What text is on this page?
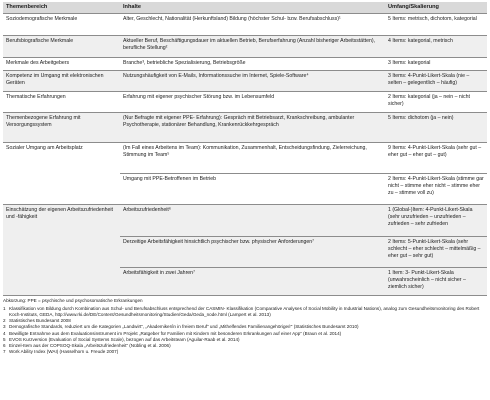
Themenbereich	Inhalte	Umfang/Skalierung
Soziodemografische Merkmale	Alter, Geschlecht, Nationalität (Herkunftsland) Bildung (höchster Schul- bzw. Berufsabschluss)¹	5 Items: metrisch, dichotom, kategorial
Berufsbiografische Merkmale	Aktueller Beruf, Beschäftigungsdauer im aktuellen Betrieb, Berufserfahrung (Anzahl bisheriger Arbeitsstätten), berufliche Stellung²	4 Items: kategorial, metrisch
Merkmale des Arbeitgebers	Branche³, betriebliche Spezialisierung, Betriebsgröße	3 Items: kategorial
Kompetenz im Umgang mit elektronischen Geräten	Nutzungshäufigkeit von E-Mails, Informationssuche im Internet, Spiele-Software⁴	3 Items: 4-Punkt-Likert-Skala (nie – selten – gelegentlich – häufig)
Thematische Erfahrungen	Erfahrung mit eigener psychischer Störung bzw. im Lebensumfeld	2 Items: kategorial (ja – nein – nicht sicher)
Themenbezogene Erfahrung mit Versorgungssystem	(Nur Befragte mit eigener PPE- Erfahrung): Gespräch mit Betriebsarzt, Krankschreibung, ambulanter Psychotherapie, stationärer Behandlung, Krankenrückkehrgespräch	5 Items: dichotom (ja – nein)
Sozialer Umgang am Arbeitsplatz	(Im Fall eines Arbeitens im Team): Kommunikation, Zusammenhalt, Entscheidungsfindung, Zielerreichung, Stimmung im Team⁵	9 Items: 4-Punkt-Likert-Skala (sehr gut – eher gut – eher gut – gut)
	Umgang mit PPE-Betroffenen im Betrieb	2 Items: 4-Punkt-Likert-Skala (stimme gar nicht – stimme eher nicht – stimme eher zu – stimme voll zu)
Einschätzung der eigenen Arbeitszufriedenheit und -fähigkeit	Arbeitszufriedenheit⁶	1 (Global-)Item: 4-Punkt-Likert-Skala (sehr unzufrieden – unzufrieden – zufrieden – sehr zufrieden
	Derzeitige Arbeitsfähigkeit hinsichtlich psychischer bzw. physischer Anforderungen⁷	2 Items: 5-Punkt-Likert-Skala (sehr schlecht – eher schlecht – mittelmäßig – eher gut – sehr gut)
	Arbeitsfähigkeit in zwei Jahren⁷	1 Item: 3- Punkt-Likert-Skala (unwahrscheinlich – nicht sicher – ziemlich sicher)
Abkürzung: PPE = psychische und psychosomatische Erkrankungen
1 Klassifikation von Bildung durch Kombination aus Schul- und Berufsabschluss entsprechend der CASMIN- Klassifikation (Comparative Analyses of Social Mobility in Industrial Nations), analog zum Gesundheitsmonitoring des Robert Koch-Instituts, GEDA, http://www.rki.de/DE/Content/Gesundheitsmonitoring/Studien/Geda/Geda_node.html (Lampert et al. 2013)
2 Statistisches Bundesamt 2008
3 Demografische Standards, reduziert um die Kategorien „Landwirt“, „Akademiker/in in freiem Beruf“ und „Mithelfendes Familienangehörige/r“ (Statistisches Bundesamt 2010)
4 Bewilligte Entnahme aus dem Evaluationsinstrument im Projekt „Ratgeber für Familien mit Kindern mit besonderen Erkrankungen auf einer App“ (Braun et al. 2014)
5 EVOS Kurzversion (Evaluation of Social Systems Scale), bezogen auf das Arbeitsteam (Aguilar-Raab et al. 2014)
6 Einzel-Item aus der COPSOQ-Skala „Arbeitszufriedenheit“ (Nübling et al. 2006)
7 Work Ability Index (WAI) (Hasselhorn u. Freude 2007)
